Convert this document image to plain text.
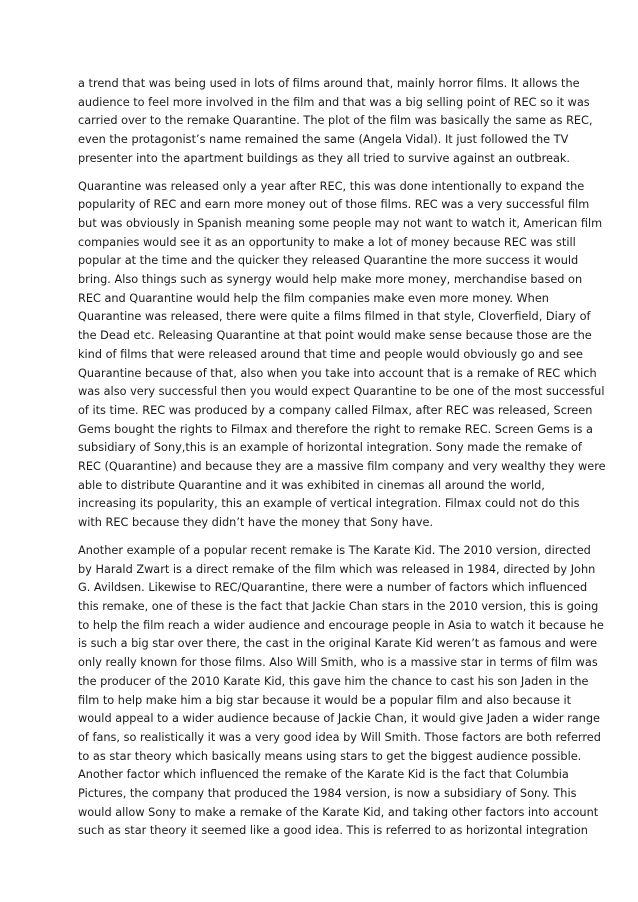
a trend that was being used in lots of films around that, mainly horror films. It allows the
audience to feel more involved in the film and that was a big selling point of REC so it was
carried over to the remake Quarantine. The plot of the film was basically the same as REC,
even the protagonist’s name remained the same (Angela Vidal). It just followed the TV
presenter into the apartment buildings as they all tried to survive against an outbreak.

Quarantine was released only a year after REC, this was done intentionally to expand the
popularity of REC and earn more money out of those films. REC was a very successful film
but was obviously in Spanish meaning some people may not want to watch it, American film
companies would see it as an opportunity to make a lot of money because REC was still
popular at the time and the quicker they released Quarantine the more success it would
bring. Also things such as synergy would help make more money, merchandise based on
REC and Quarantine would help the film companies make even more money. When
Quarantine was released, there were quite a films filmed in that style, Cloverfield, Diary of
the Dead etc. Releasing Quarantine at that point would make sense because those are the
kind of films that were released around that time and people would obviously go and see
Quarantine because of that, also when you take into account that is a remake of REC which
was also very successful then you would expect Quarantine to be one of the most successful
of its time. REC was produced by a company called Filmax, after REC was released, Screen
Gems bought the rights to Filmax and therefore the right to remake REC. Screen Gems is a
subsidiary of Sony,this is an example of horizontal integration. Sony made the remake of
REC (Quarantine) and because they are a massive film company and very wealthy they were
able to distribute Quarantine and it was exhibited in cinemas all around the world,
increasing its popularity, this an example of vertical integration. Filmax could not do this
with REC because they didn’t have the money that Sony have.

Another example of a popular recent remake is The Karate Kid. The 2010 version, directed
by Harald Zwart is a direct remake of the film which was released in 1984, directed by John
G. Avildsen. Likewise to REC/Quarantine, there were a number of factors which influenced
this remake, one of these is the fact that Jackie Chan stars in the 2010 version, this is going
to help the film reach a wider audience and encourage people in Asia to watch it because he
is such a big star over there, the cast in the original Karate Kid weren’t as famous and were
only really known for those films. Also Will Smith, who is a massive star in terms of film was
the producer of the 2010 Karate Kid, this gave him the chance to cast his son Jaden in the
film to help make him a big star because it would be a popular film and also because it
would appeal to a wider audience because of Jackie Chan, it would give Jaden a wider range
of fans, so realistically it was a very good idea by Will Smith. Those factors are both referred
to as star theory which basically means using stars to get the biggest audience possible.
Another factor which influenced the remake of the Karate Kid is the fact that Columbia
Pictures, the company that produced the 1984 version, is now a subsidiary of Sony. This
would allow Sony to make a remake of the Karate Kid, and taking other factors into account
such as star theory it seemed like a good idea. This is referred to as horizontal integration
